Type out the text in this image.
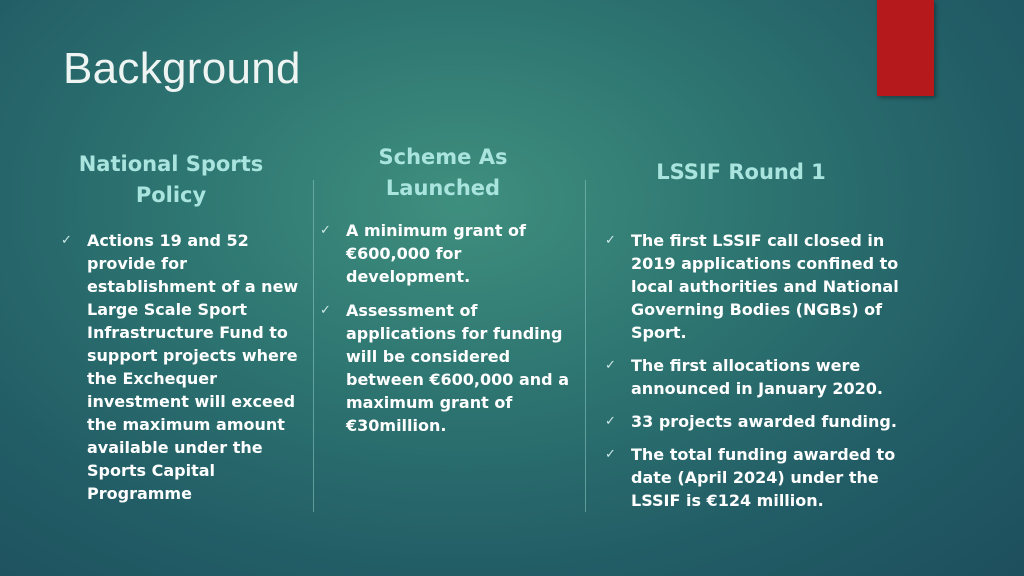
Background
National Sports Policy
Scheme As Launched
LSSIF Round 1
✓ Actions 19 and 52 provide for establishment of a new Large Scale Sport Infrastructure Fund to support projects where the Exchequer investment will exceed the maximum amount available under the Sports Capital Programme
✓ A minimum grant of €600,000 for development.
✓ Assessment of applications for funding will be considered between €600,000 and a maximum grant of €30million.
✓ The first LSSIF call closed in 2019 applications confined to local authorities and National Governing Bodies (NGBs) of Sport.
✓ The first allocations were announced in January 2020.
✓ 33 projects awarded funding.
✓ The total funding awarded to date (April 2024) under the LSSIF is €124 million.
